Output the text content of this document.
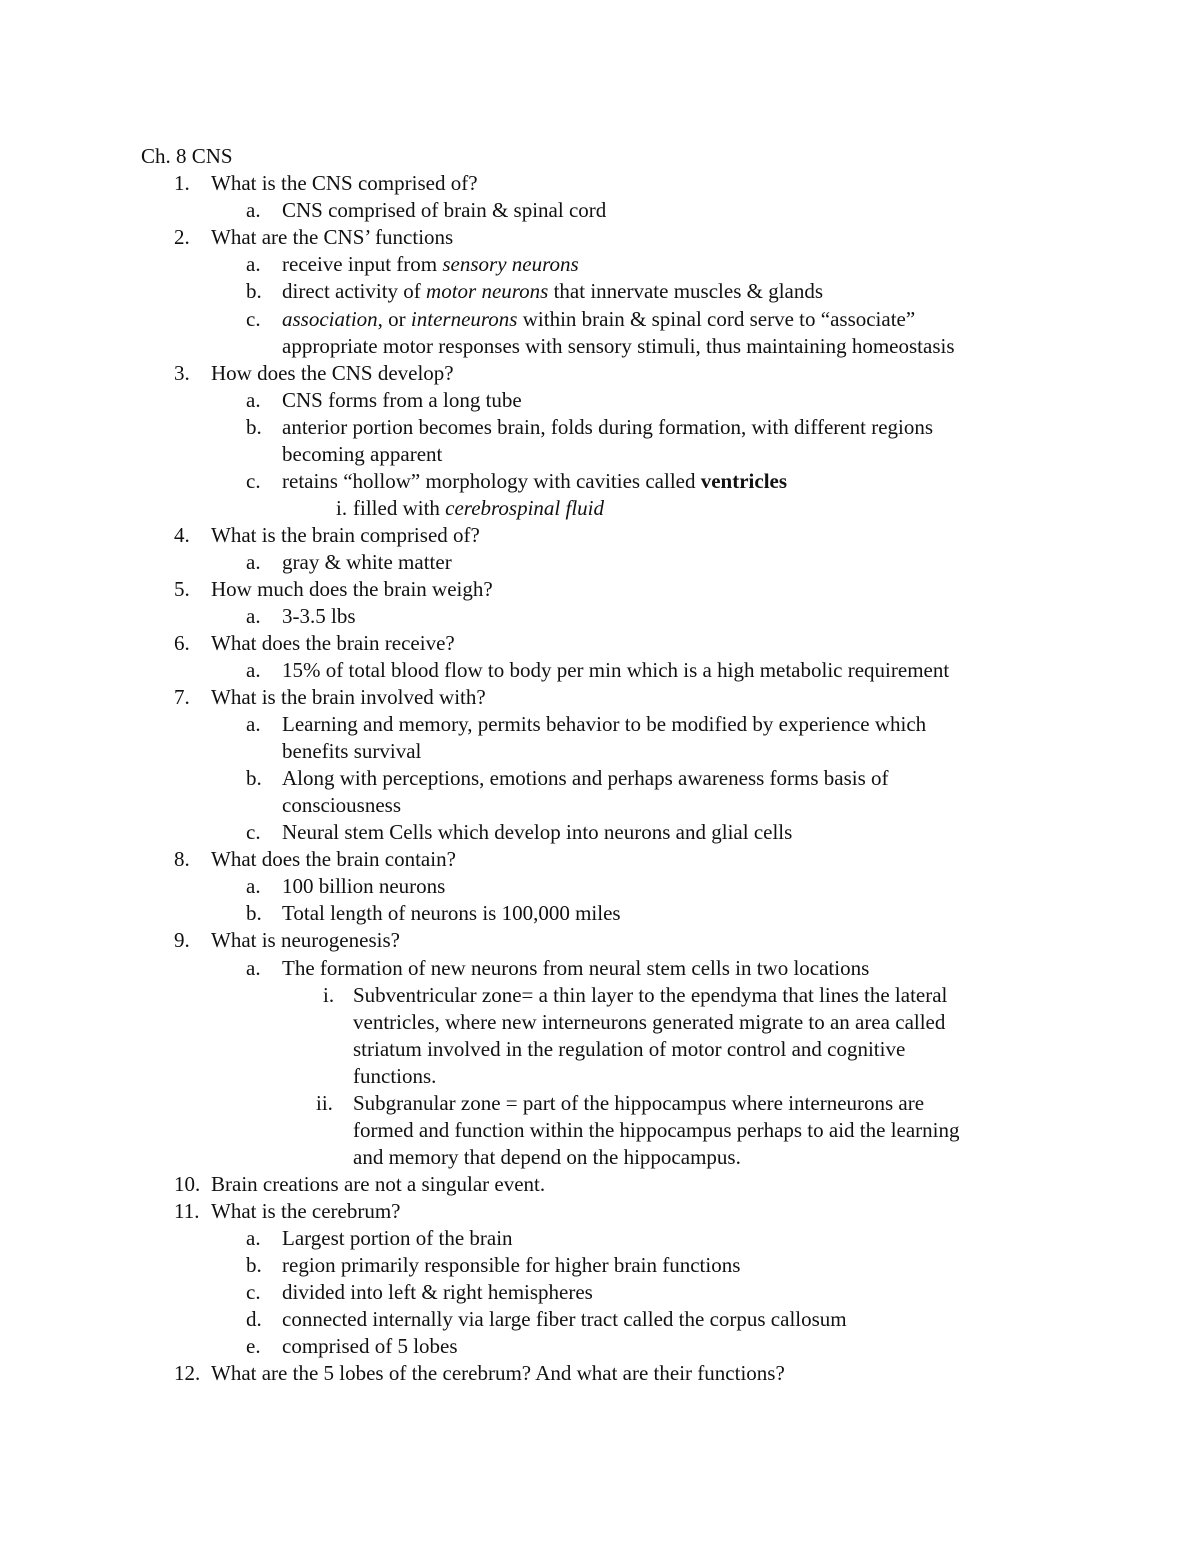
Ch. 8 CNS
1. What is the CNS comprised of?
a. CNS comprised of brain & spinal cord
2. What are the CNS’ functions
a. receive input from sensory neurons
b. direct activity of motor neurons that innervate muscles & glands
c. association, or interneurons within brain & spinal cord serve to “associate”
appropriate motor responses with sensory stimuli, thus maintaining homeostasis
3. How does the CNS develop?
a. CNS forms from a long tube
b. anterior portion becomes brain, folds during formation, with different regions
becoming apparent
c. retains “hollow” morphology with cavities called ventricles
i. filled with cerebrospinal fluid
4. What is the brain comprised of?
a. gray & white matter
5. How much does the brain weigh?
a. 3-3.5 lbs
6. What does the brain receive?
a. 15% of total blood flow to body per min which is a high metabolic requirement
7. What is the brain involved with?
a. Learning and memory, permits behavior to be modified by experience which
benefits survival
b. Along with perceptions, emotions and perhaps awareness forms basis of
consciousness
c. Neural stem Cells which develop into neurons and glial cells
8. What does the brain contain?
a. 100 billion neurons
b. Total length of neurons is 100,000 miles
9. What is neurogenesis?
a. The formation of new neurons from neural stem cells in two locations
i. Subventricular zone= a thin layer to the ependyma that lines the lateral
ventricles, where new interneurons generated migrate to an area called
striatum involved in the regulation of motor control and cognitive
functions.
ii. Subgranular zone = part of the hippocampus where interneurons are
formed and function within the hippocampus perhaps to aid the learning
and memory that depend on the hippocampus.
10. Brain creations are not a singular event.
11. What is the cerebrum?
a. Largest portion of the brain
b. region primarily responsible for higher brain functions
c. divided into left & right hemispheres
d. connected internally via large fiber tract called the corpus callosum
e. comprised of 5 lobes
12. What are the 5 lobes of the cerebrum? And what are their functions?
